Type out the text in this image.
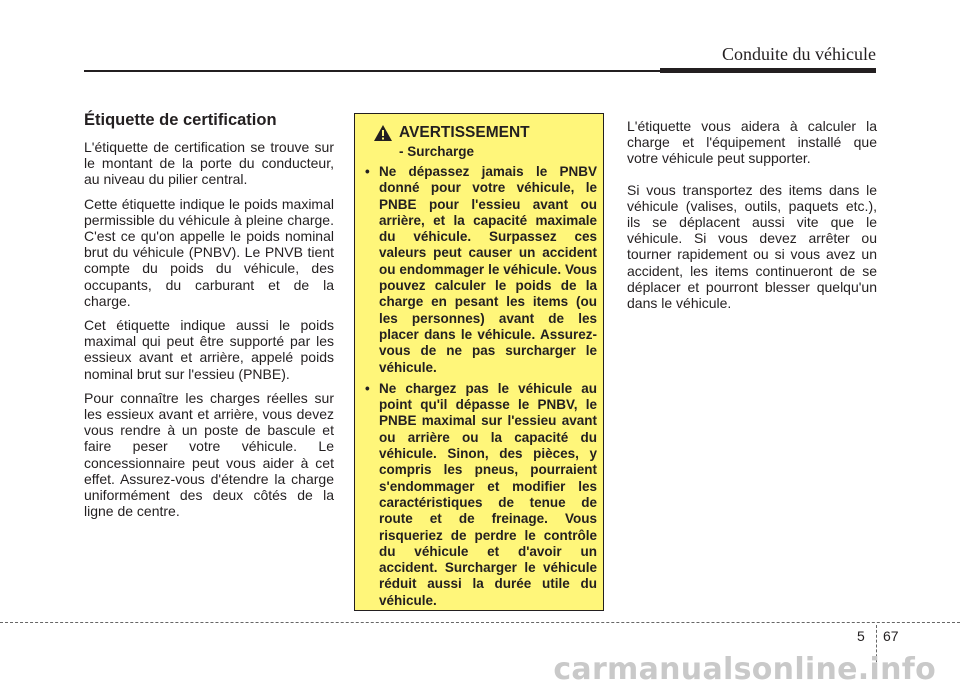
Conduite du véhicule
Étiquette de certification

L'étiquette de certification se trouve sur le montant de la porte du conducteur, au niveau du pilier central.

Cette étiquette indique le poids maximal permissible du véhicule à pleine charge. C'est ce qu'on appelle le poids nominal brut du véhicule (PNBV). Le PNVB tient compte du poids du véhicule, des occupants, du carburant et de la charge.

Cet étiquette indique aussi le poids maximal qui peut être supporté par les essieux avant et arrière, appelé poids nominal brut sur l'essieu (PNBE).

Pour connaître les charges réelles sur les essieux avant et arrière, vous devez vous rendre à un poste de bascule et faire peser votre véhicule. Le concessionnaire peut vous aider à cet effet. Assurez-vous d'étendre la charge uniformément des deux côtés de la ligne de centre.

AVERTISSEMENT
- Surcharge
• Ne dépassez jamais le PNBV donné pour votre véhicule, le PNBE pour l'essieu avant ou arrière, et la capacité maximale du véhicule. Surpassez ces valeurs peut causer un accident ou endommager le véhicule. Vous pouvez calculer le poids de la charge en pesant les items (ou les personnes) avant de les placer dans le véhicule. Assurez-vous de ne pas surcharger le véhicule.
• Ne chargez pas le véhicule au point qu'il dépasse le PNBV, le PNBE maximal sur l'essieu avant ou arrière ou la capacité du véhicule. Sinon, des pièces, y compris les pneus, pourraient s'endommager et modifier les caractéristiques de tenue de route et de freinage. Vous risqueriez de perdre le contrôle du véhicule et d'avoir un accident. Surcharger le véhicule réduit aussi la durée utile du véhicule.

L'étiquette vous aidera à calculer la charge et l'équipement installé que votre véhicule peut supporter.

Si vous transportez des items dans le véhicule (valises, outils, paquets etc.), ils se déplacent aussi vite que le véhicule. Si vous devez arrêter ou tourner rapidement ou si vous avez un accident, les items continueront de se déplacer et pourront blesser quelqu'un dans le véhicule.

5 67
carmanualsonline.info
